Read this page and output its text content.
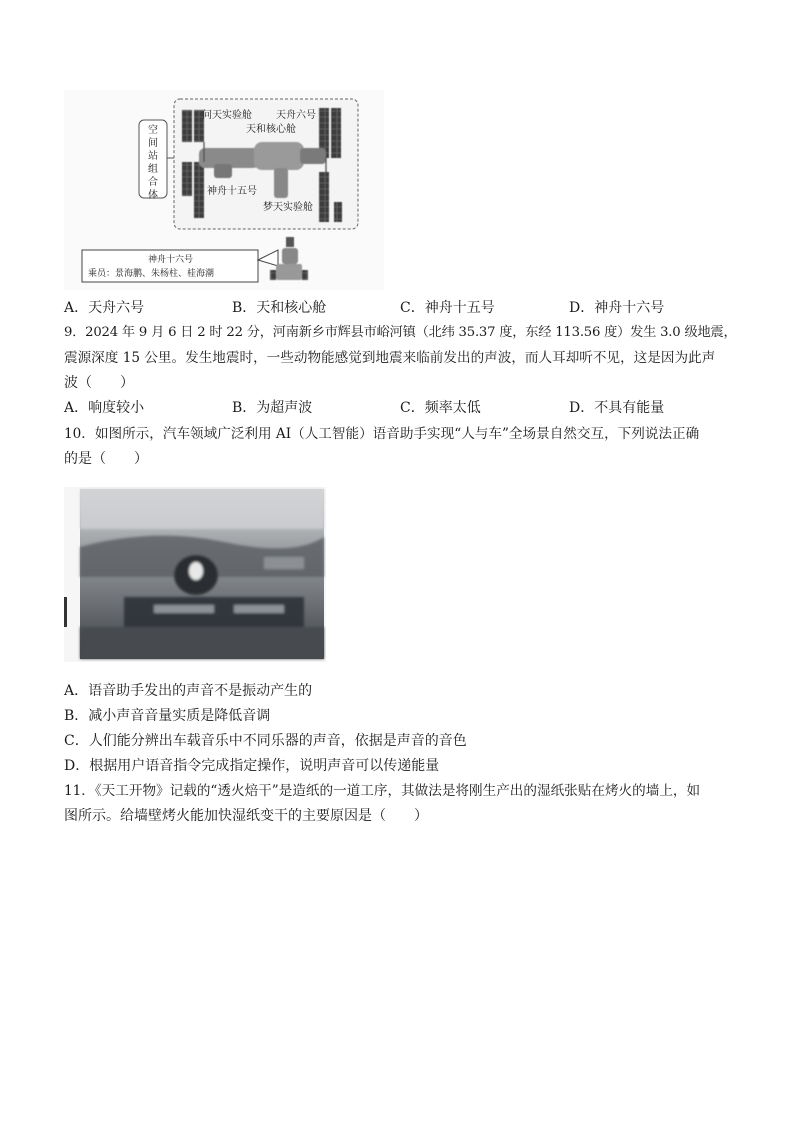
空间站组合体
问天实验舱 天舟六号
天和核心舱
神舟十五号
梦天实验舱
神舟十六号
乘员：景海鹏、朱杨柱、桂海潮
A．天舟六号	B．天和核心舱	C．神舟十五号	D．神舟十六号
9．2024 年 9 月 6 日 2 时 22 分，河南新乡市辉县市峪河镇（北纬 35.37 度，东经 113.56 度）发生 3.0 级地震，
震源深度 15 公里。发生地震时，一些动物能感觉到地震来临前发出的声波，而人耳却听不见，这是因为此声
波（　　）
A．响度较小	B．为超声波	C．频率太低	D．不具有能量
10．如图所示，汽车领域广泛利用 AI（人工智能）语音助手实现“人与车”全场景自然交互，下列说法正确
的是（　　）
A．语音助手发出的声音不是振动产生的
B．减小声音音量实质是降低音调
C．人们能分辨出车载音乐中不同乐器的声音，依据是声音的音色
D．根据用户语音指令完成指定操作，说明声音可以传递能量
11．《天工开物》记载的“透火焙干”是造纸的一道工序，其做法是将刚生产出的湿纸张贴在烤火的墙上，如
图所示。给墙壁烤火能加快湿纸变干的主要原因是（　　）
